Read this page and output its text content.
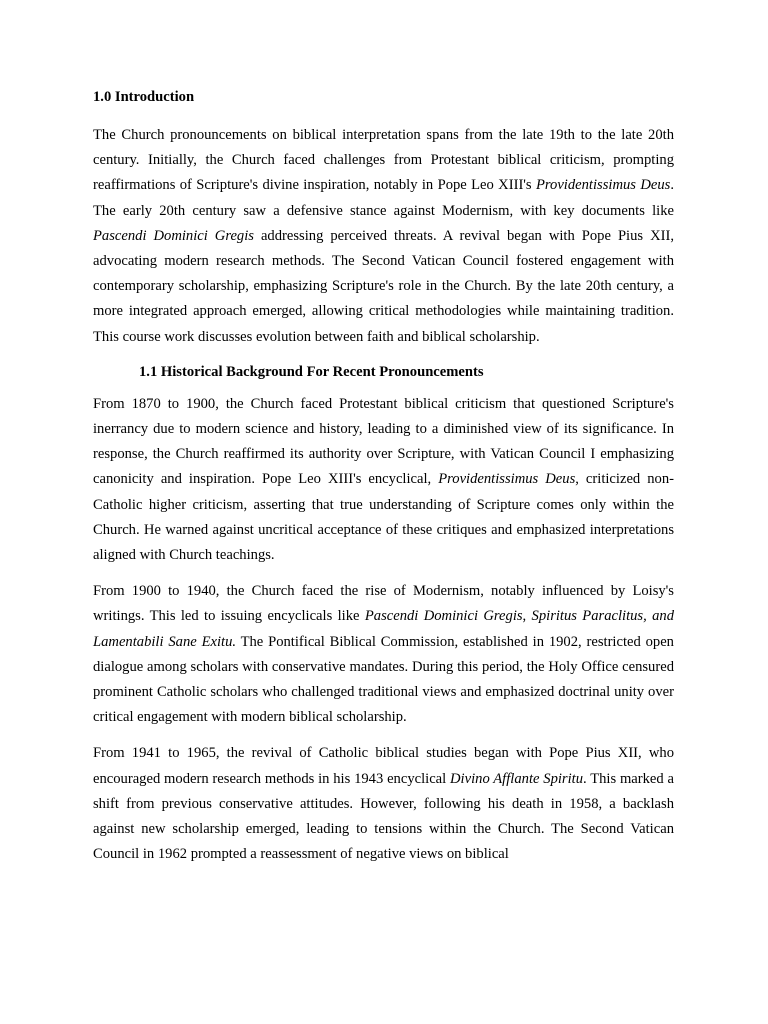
1.0 Introduction

The Church pronouncements on biblical interpretation spans from the late 19th to the late 20th century. Initially, the Church faced challenges from Protestant biblical criticism, prompting reaffirmations of Scripture's divine inspiration, notably in Pope Leo XIII's Providentissimus Deus. The early 20th century saw a defensive stance against Modernism, with key documents like Pascendi Dominici Gregis addressing perceived threats. A revival began with Pope Pius XII, advocating modern research methods. The Second Vatican Council fostered engagement with contemporary scholarship, emphasizing Scripture's role in the Church. By the late 20th century, a more integrated approach emerged, allowing critical methodologies while maintaining tradition. This course work discusses evolution between faith and biblical scholarship.

1.1 Historical Background For Recent Pronouncements

From 1870 to 1900, the Church faced Protestant biblical criticism that questioned Scripture's inerrancy due to modern science and history, leading to a diminished view of its significance. In response, the Church reaffirmed its authority over Scripture, with Vatican Council I emphasizing canonicity and inspiration. Pope Leo XIII's encyclical, Providentissimus Deus, criticized non-Catholic higher criticism, asserting that true understanding of Scripture comes only within the Church. He warned against uncritical acceptance of these critiques and emphasized interpretations aligned with Church teachings.

From 1900 to 1940, the Church faced the rise of Modernism, notably influenced by Loisy's writings. This led to issuing encyclicals like Pascendi Dominici Gregis, Spiritus Paraclitus, and Lamentabili Sane Exitu. The Pontifical Biblical Commission, established in 1902, restricted open dialogue among scholars with conservative mandates. During this period, the Holy Office censured prominent Catholic scholars who challenged traditional views and emphasized doctrinal unity over critical engagement with modern biblical scholarship.

From 1941 to 1965, the revival of Catholic biblical studies began with Pope Pius XII, who encouraged modern research methods in his 1943 encyclical Divino Afflante Spiritu. This marked a shift from previous conservative attitudes. However, following his death in 1958, a backlash against new scholarship emerged, leading to tensions within the Church. The Second Vatican Council in 1962 prompted a reassessment of negative views on biblical
